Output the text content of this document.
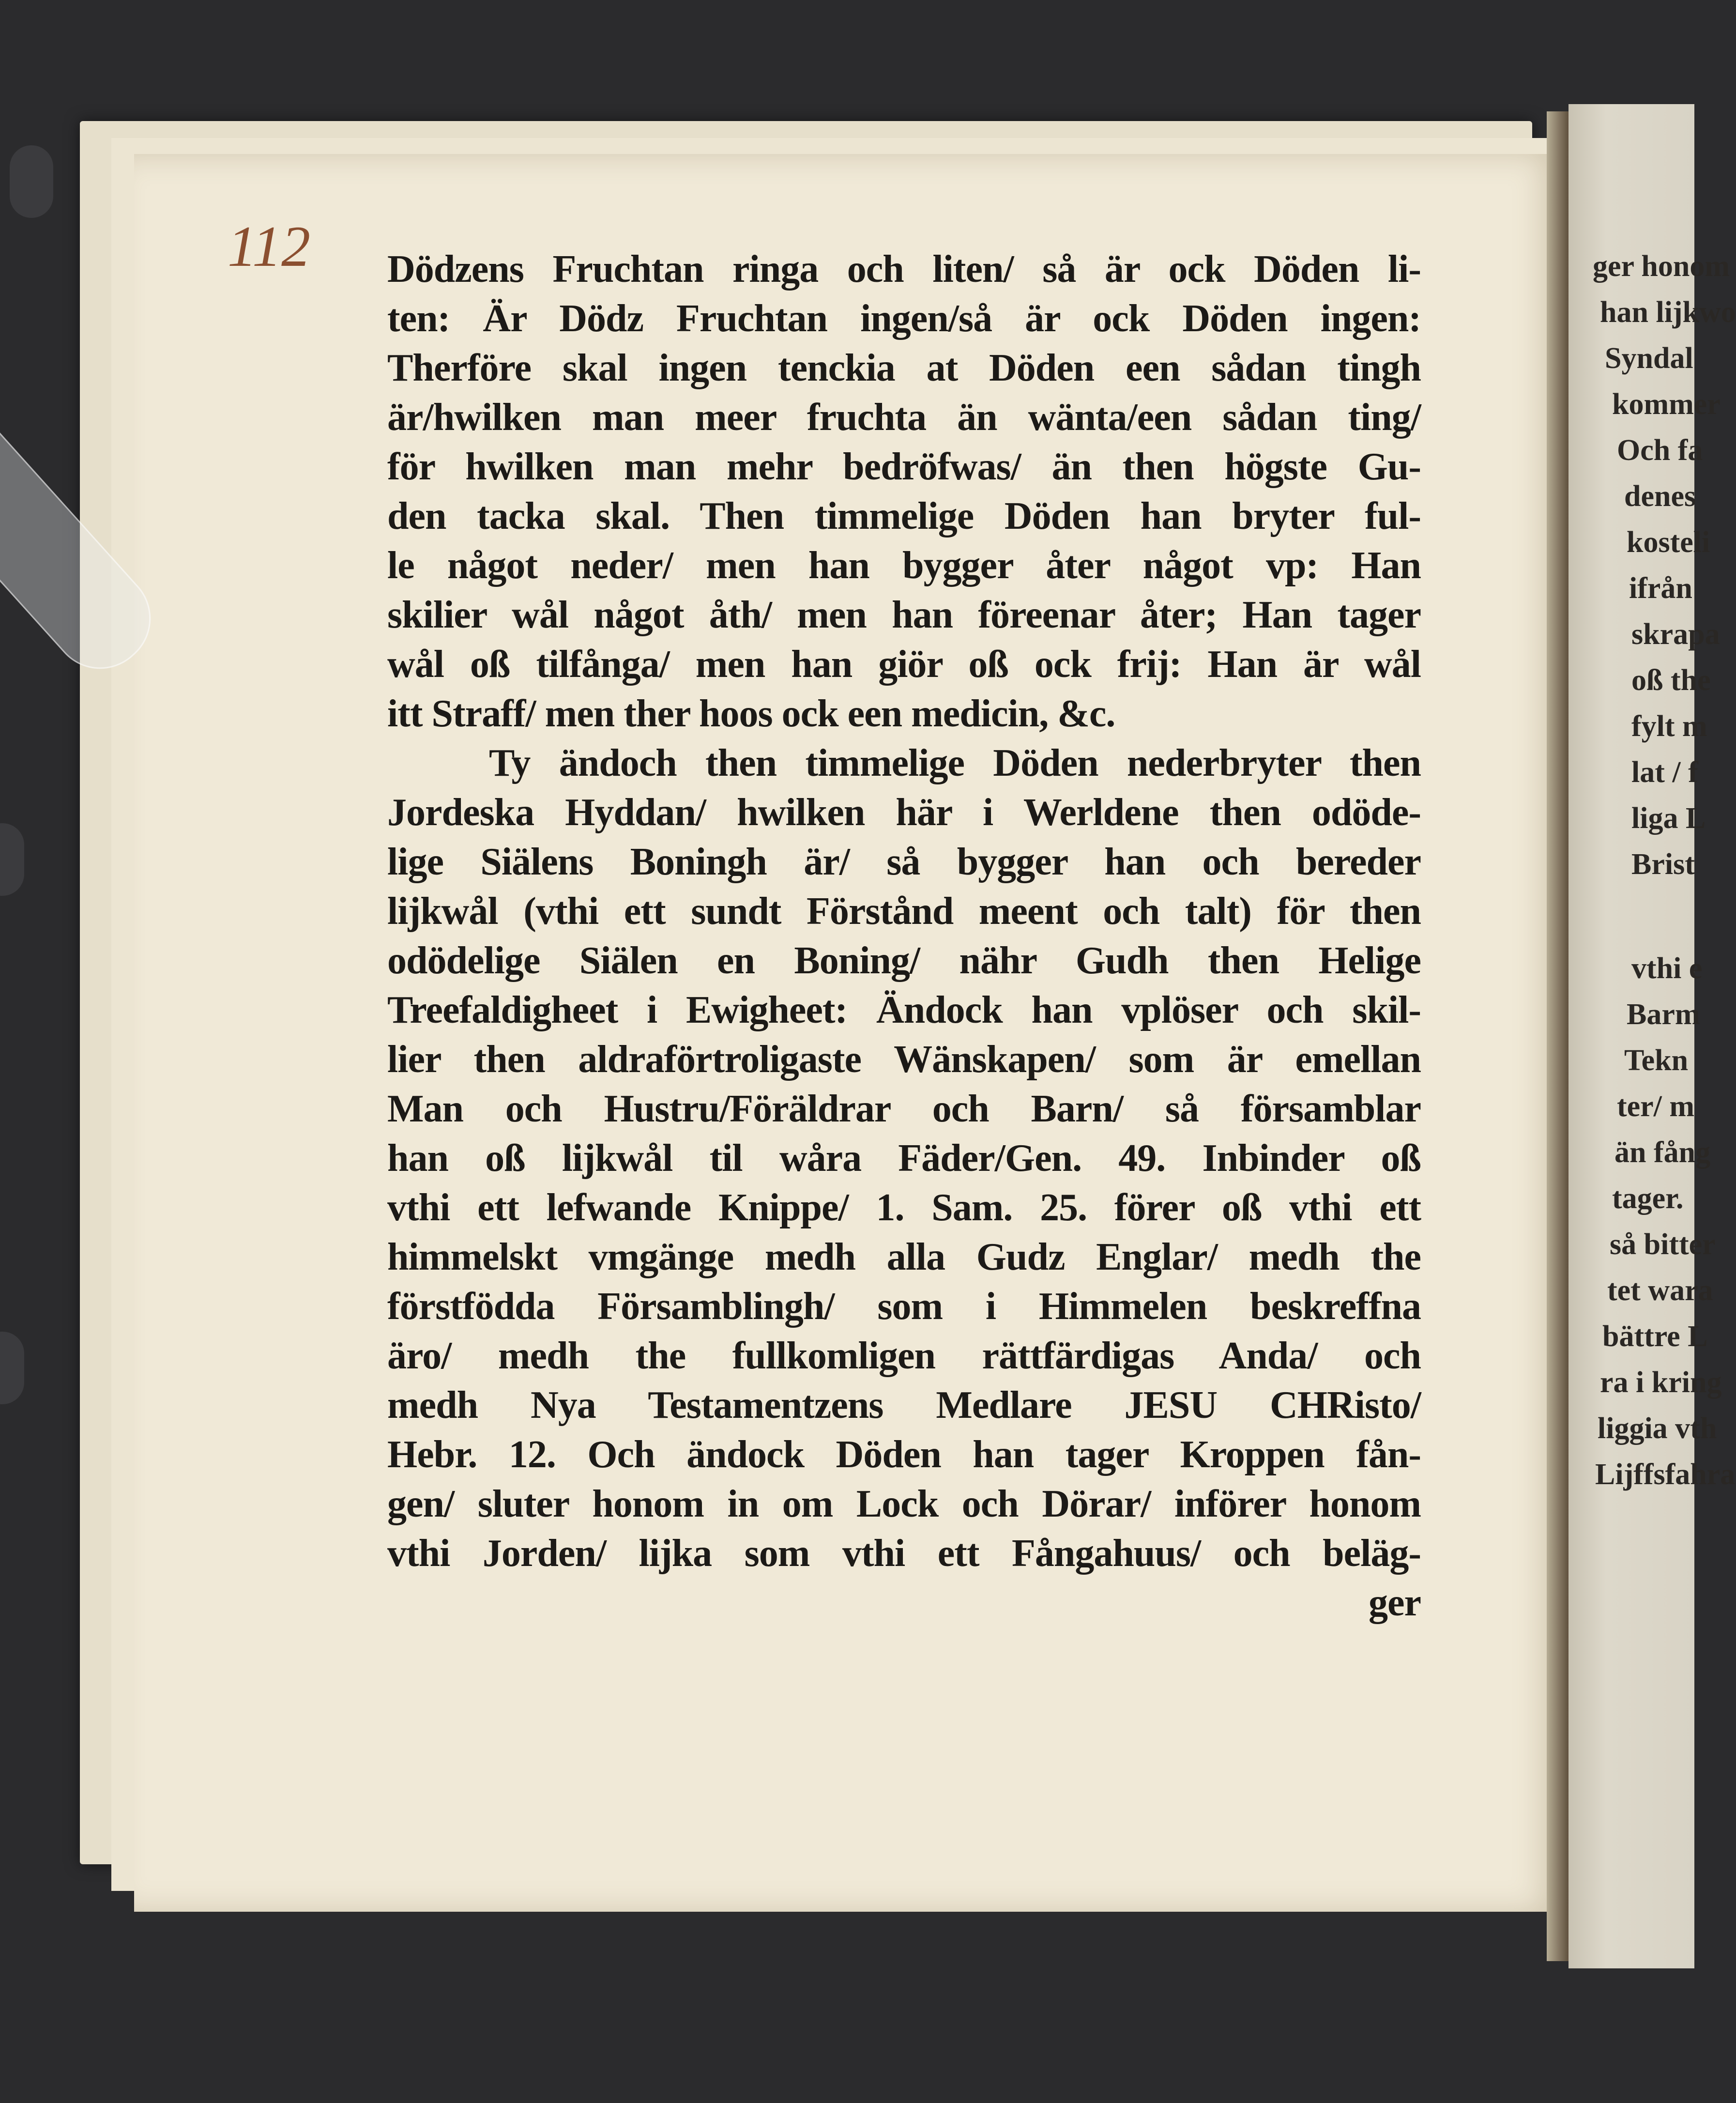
ger honom
han lijkwo
Syndal
kommer
Och fa
denes
kosteli
ifrån
skrapa
oß the
fylt m
lat / f
liga L
Brist
vthi e
Barm
Tekn
ter/ m
än fång
tager.
så bitter
tet wara
bättre L
ra i kring
liggia vth
Lijffsfahra
112 Dödzens Fruchtan ringa och liten/ så är ock Döden li-
ten: Är Dödz Fruchtan ingen/så är ock Döden ingen:
Therföre skal ingen tenckia at Döden een sådan tingh
är/hwilken man meer fruchta än wänta/een sådan ting/
för hwilken man mehr bedröfwas/ än then högste Gu-
den tacka skal. Then timmelige Döden han bryter ful-
le något neder/ men han bygger åter något vp: Han
skilier wål något åth/ men han föreenar åter; Han tager
wål oß tilfånga/ men han giör oß ock frij: Han är wål
itt Straff/ men ther hoos ock een medicin, &c.
Ty ändoch then timmelige Döden nederbryter then
Jordeska Hyddan/ hwilken här i Werldene then odöde-
lige Siälens Boningh är/ så bygger han och bereder
lijkwål (vthi ett sundt Förstånd meent och talt) för then
odödelige Siälen en Boning/ nähr Gudh then Helige
Treefaldigheet i Ewigheet: Ändock han vplöser och skil-
lier then aldraförtroligaste Wänskapen/ som är emellan
Man och Hustru/Föräldrar och Barn/ så församblar
han oß lijkwål til wåra Fäder/Gen. 49. Inbinder oß
vthi ett lefwande Knippe/ 1. Sam. 25. förer oß vthi ett
himmelskt vmgänge medh alla Gudz Englar/ medh the
förstfödda Församblingh/ som i Himmelen beskreffna
äro/ medh the fullkomligen rättfärdigas Anda/ och
medh Nya Testamentzens Medlare JESU CHRisto/
Hebr. 12. Och ändock Döden han tager Kroppen fån-
gen/ sluter honom in om Lock och Dörar/ införer honom
vthi Jorden/ lijka som vthi ett Fångahuus/ och beläg-
ger
